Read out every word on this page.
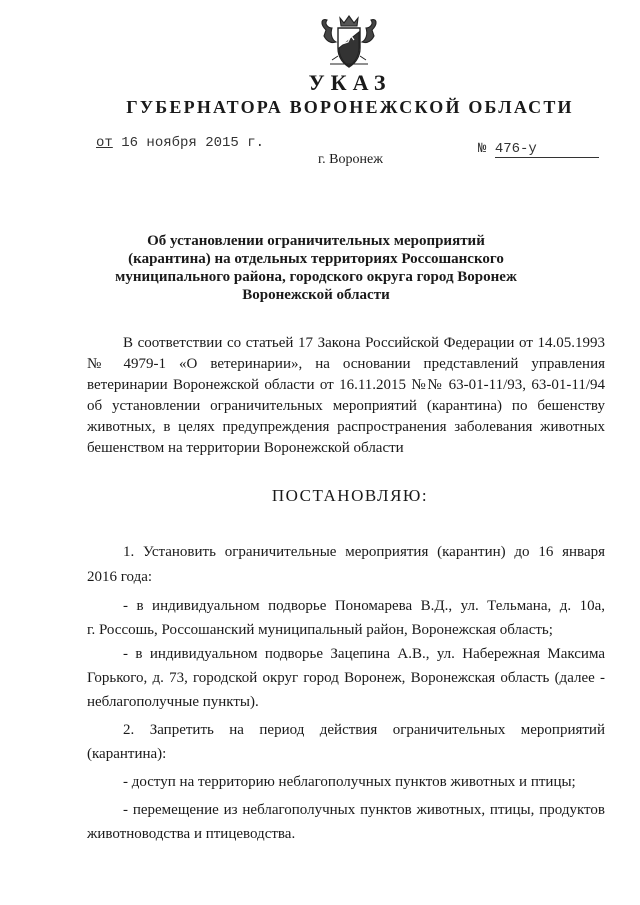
УКАЗ
ГУБЕРНАТОРА ВОРОНЕЖСКОЙ ОБЛАСТИ
от 16 ноября 2015 г.	№ 476-у
г. Воронеж
Об установлении ограничительных мероприятий
(карантина) на отдельных территориях Россошанского
муниципального района, городского округа город Воронеж
Воронежской области
В соответствии со статьей 17 Закона Российской Федерации от 14.05.1993
№ 4979-1 «О ветеринарии», на основании представлений управления
ветеринарии Воронежской области от 16.11.2015 №№ 63-01-11/93, 63-01-11/94
об установлении ограничительных мероприятий (карантина) по бешенству
животных, в целях предупреждения распространения заболевания животных
бешенством на территории Воронежской области
ПОСТАНОВЛЯЮ:
1. Установить ограничительные мероприятия (карантин) до 16 января
2016 года:
- в индивидуальном подворье Пономарева В.Д., ул. Тельмана, д. 10а,
г. Россошь, Россошанский муниципальный район, Воронежская область;
- в индивидуальном подворье Зацепина А.В., ул. Набережная Максима
Горького, д. 73, городской округ город Воронеж, Воронежская область (далее -
неблагополучные пункты).
2. Запретить на период действия ограничительных мероприятий
(карантина):
- доступ на территорию неблагополучных пунктов животных и птицы;
- перемещение из неблагополучных пунктов животных, птицы, продуктов
животноводства и птицеводства.
